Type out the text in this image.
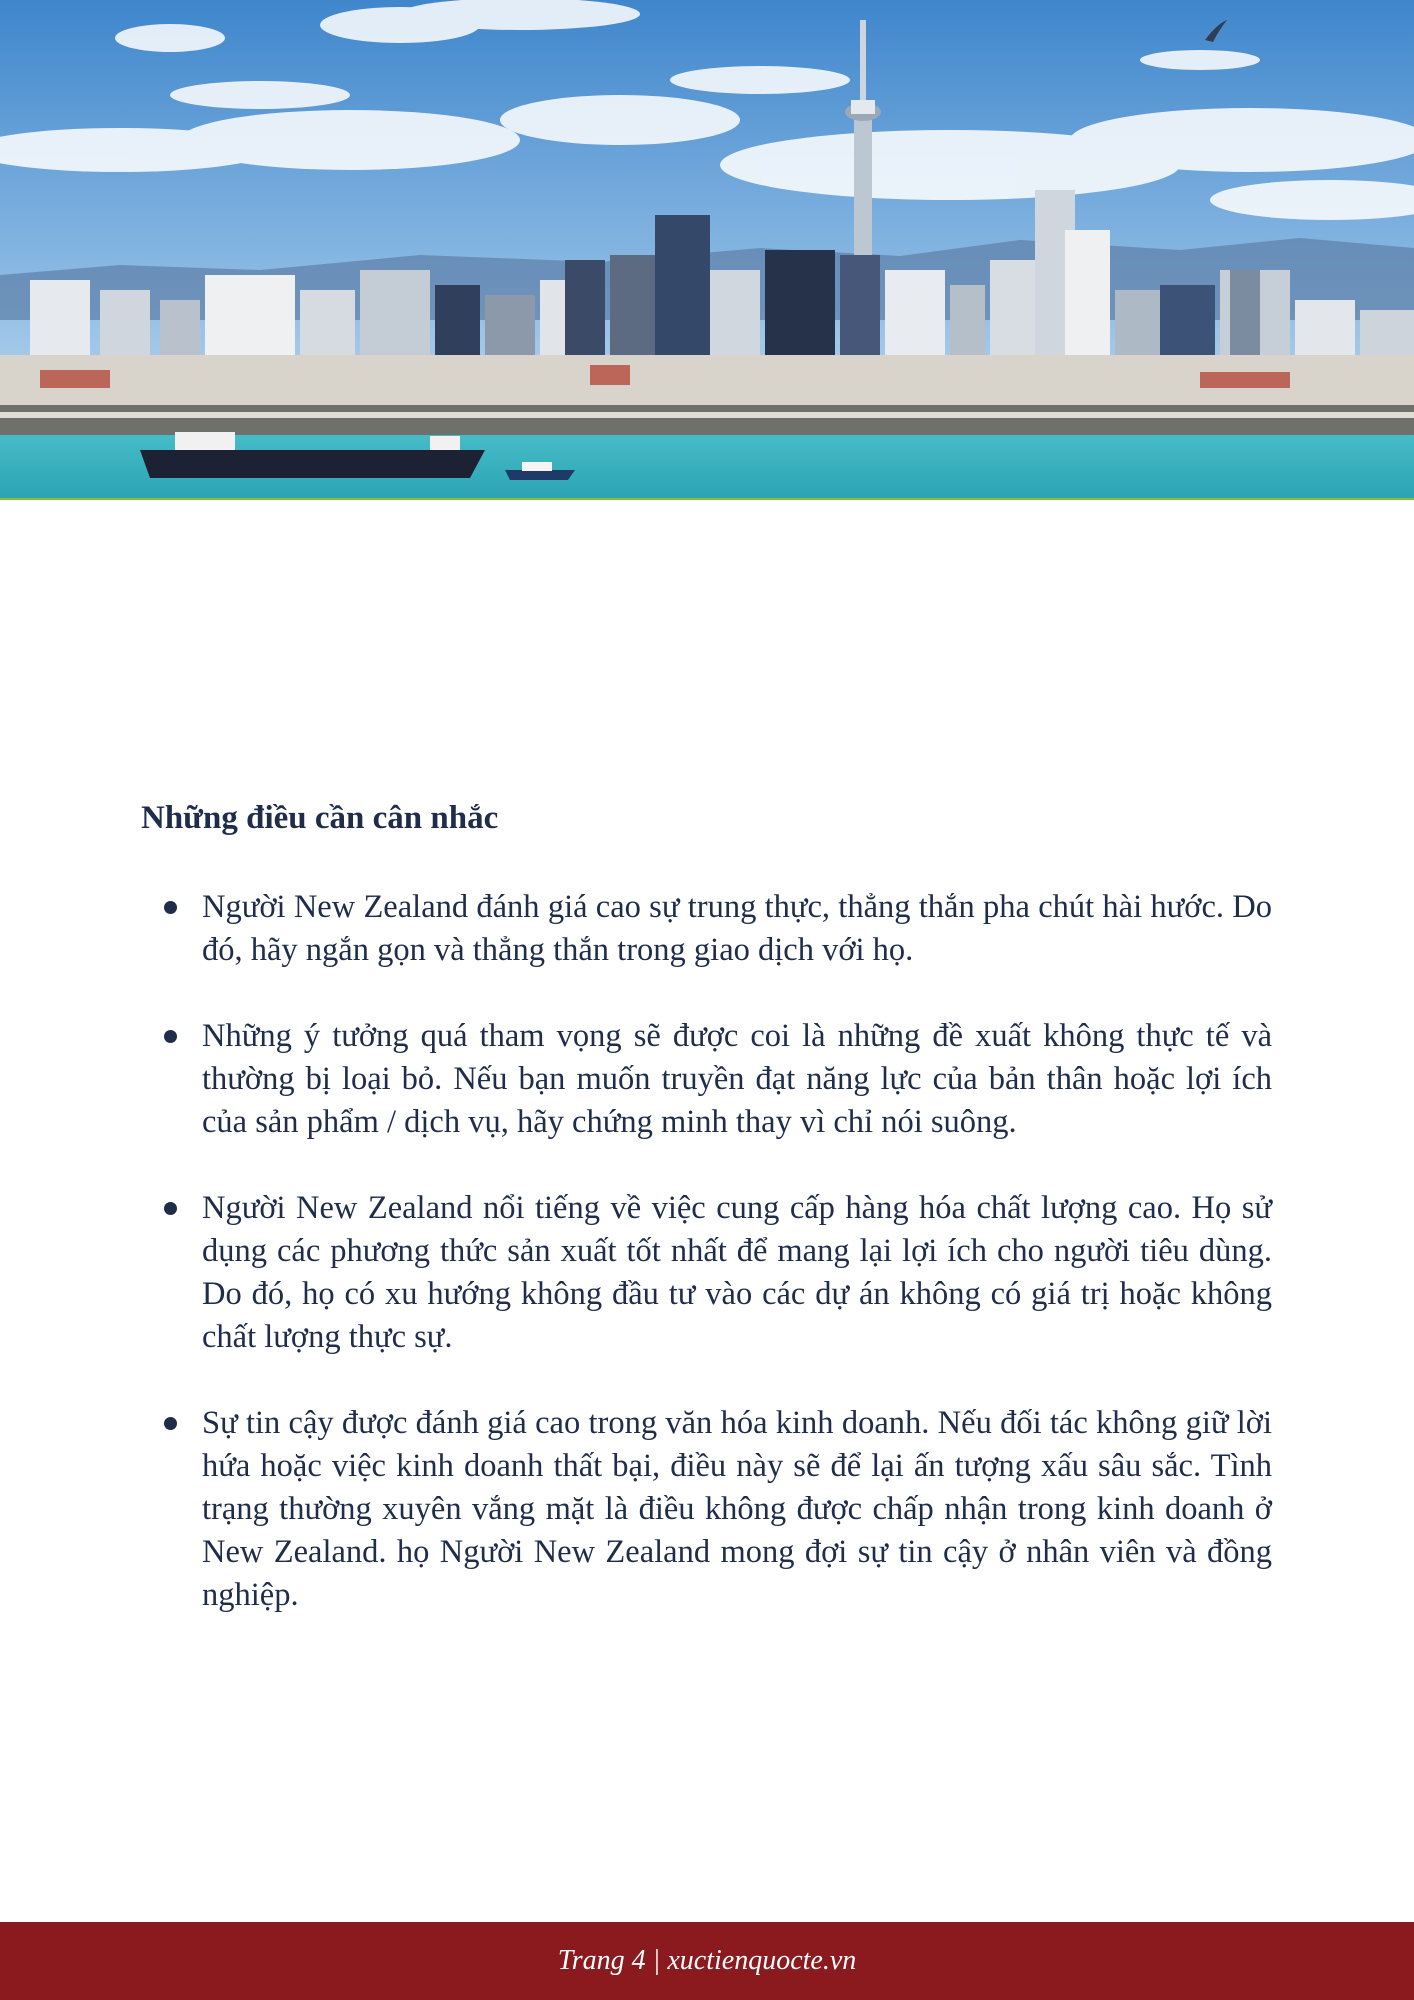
Những điều cần cân nhắc
Người New Zealand đánh giá cao sự trung thực, thẳng thắn pha chút hài hước. Do đó, hãy ngắn gọn và thẳng thắn trong giao dịch với họ.
Những ý tưởng quá tham vọng sẽ được coi là những đề xuất không thực tế và thường bị loại bỏ. Nếu bạn muốn truyền đạt năng lực của bản thân hoặc lợi ích của sản phẩm / dịch vụ, hãy chứng minh thay vì chỉ nói suông.
Người New Zealand nổi tiếng về việc cung cấp hàng hóa chất lượng cao. Họ sử dụng các phương thức sản xuất tốt nhất để mang lại lợi ích cho người tiêu dùng. Do đó, họ có xu hướng không đầu tư vào các dự án không có giá trị hoặc không chất lượng thực sự.
Sự tin cậy được đánh giá cao trong văn hóa kinh doanh. Nếu đối tác không giữ lời hứa hoặc việc kinh doanh thất bại, điều này sẽ để lại ấn tượng xấu sâu sắc. Tình trạng thường xuyên vắng mặt là điều không được chấp nhận trong kinh doanh ở New Zealand. họ Người New Zealand mong đợi sự tin cậy ở nhân viên và đồng nghiệp.
Trang 4 | xuctienquocte.vn
